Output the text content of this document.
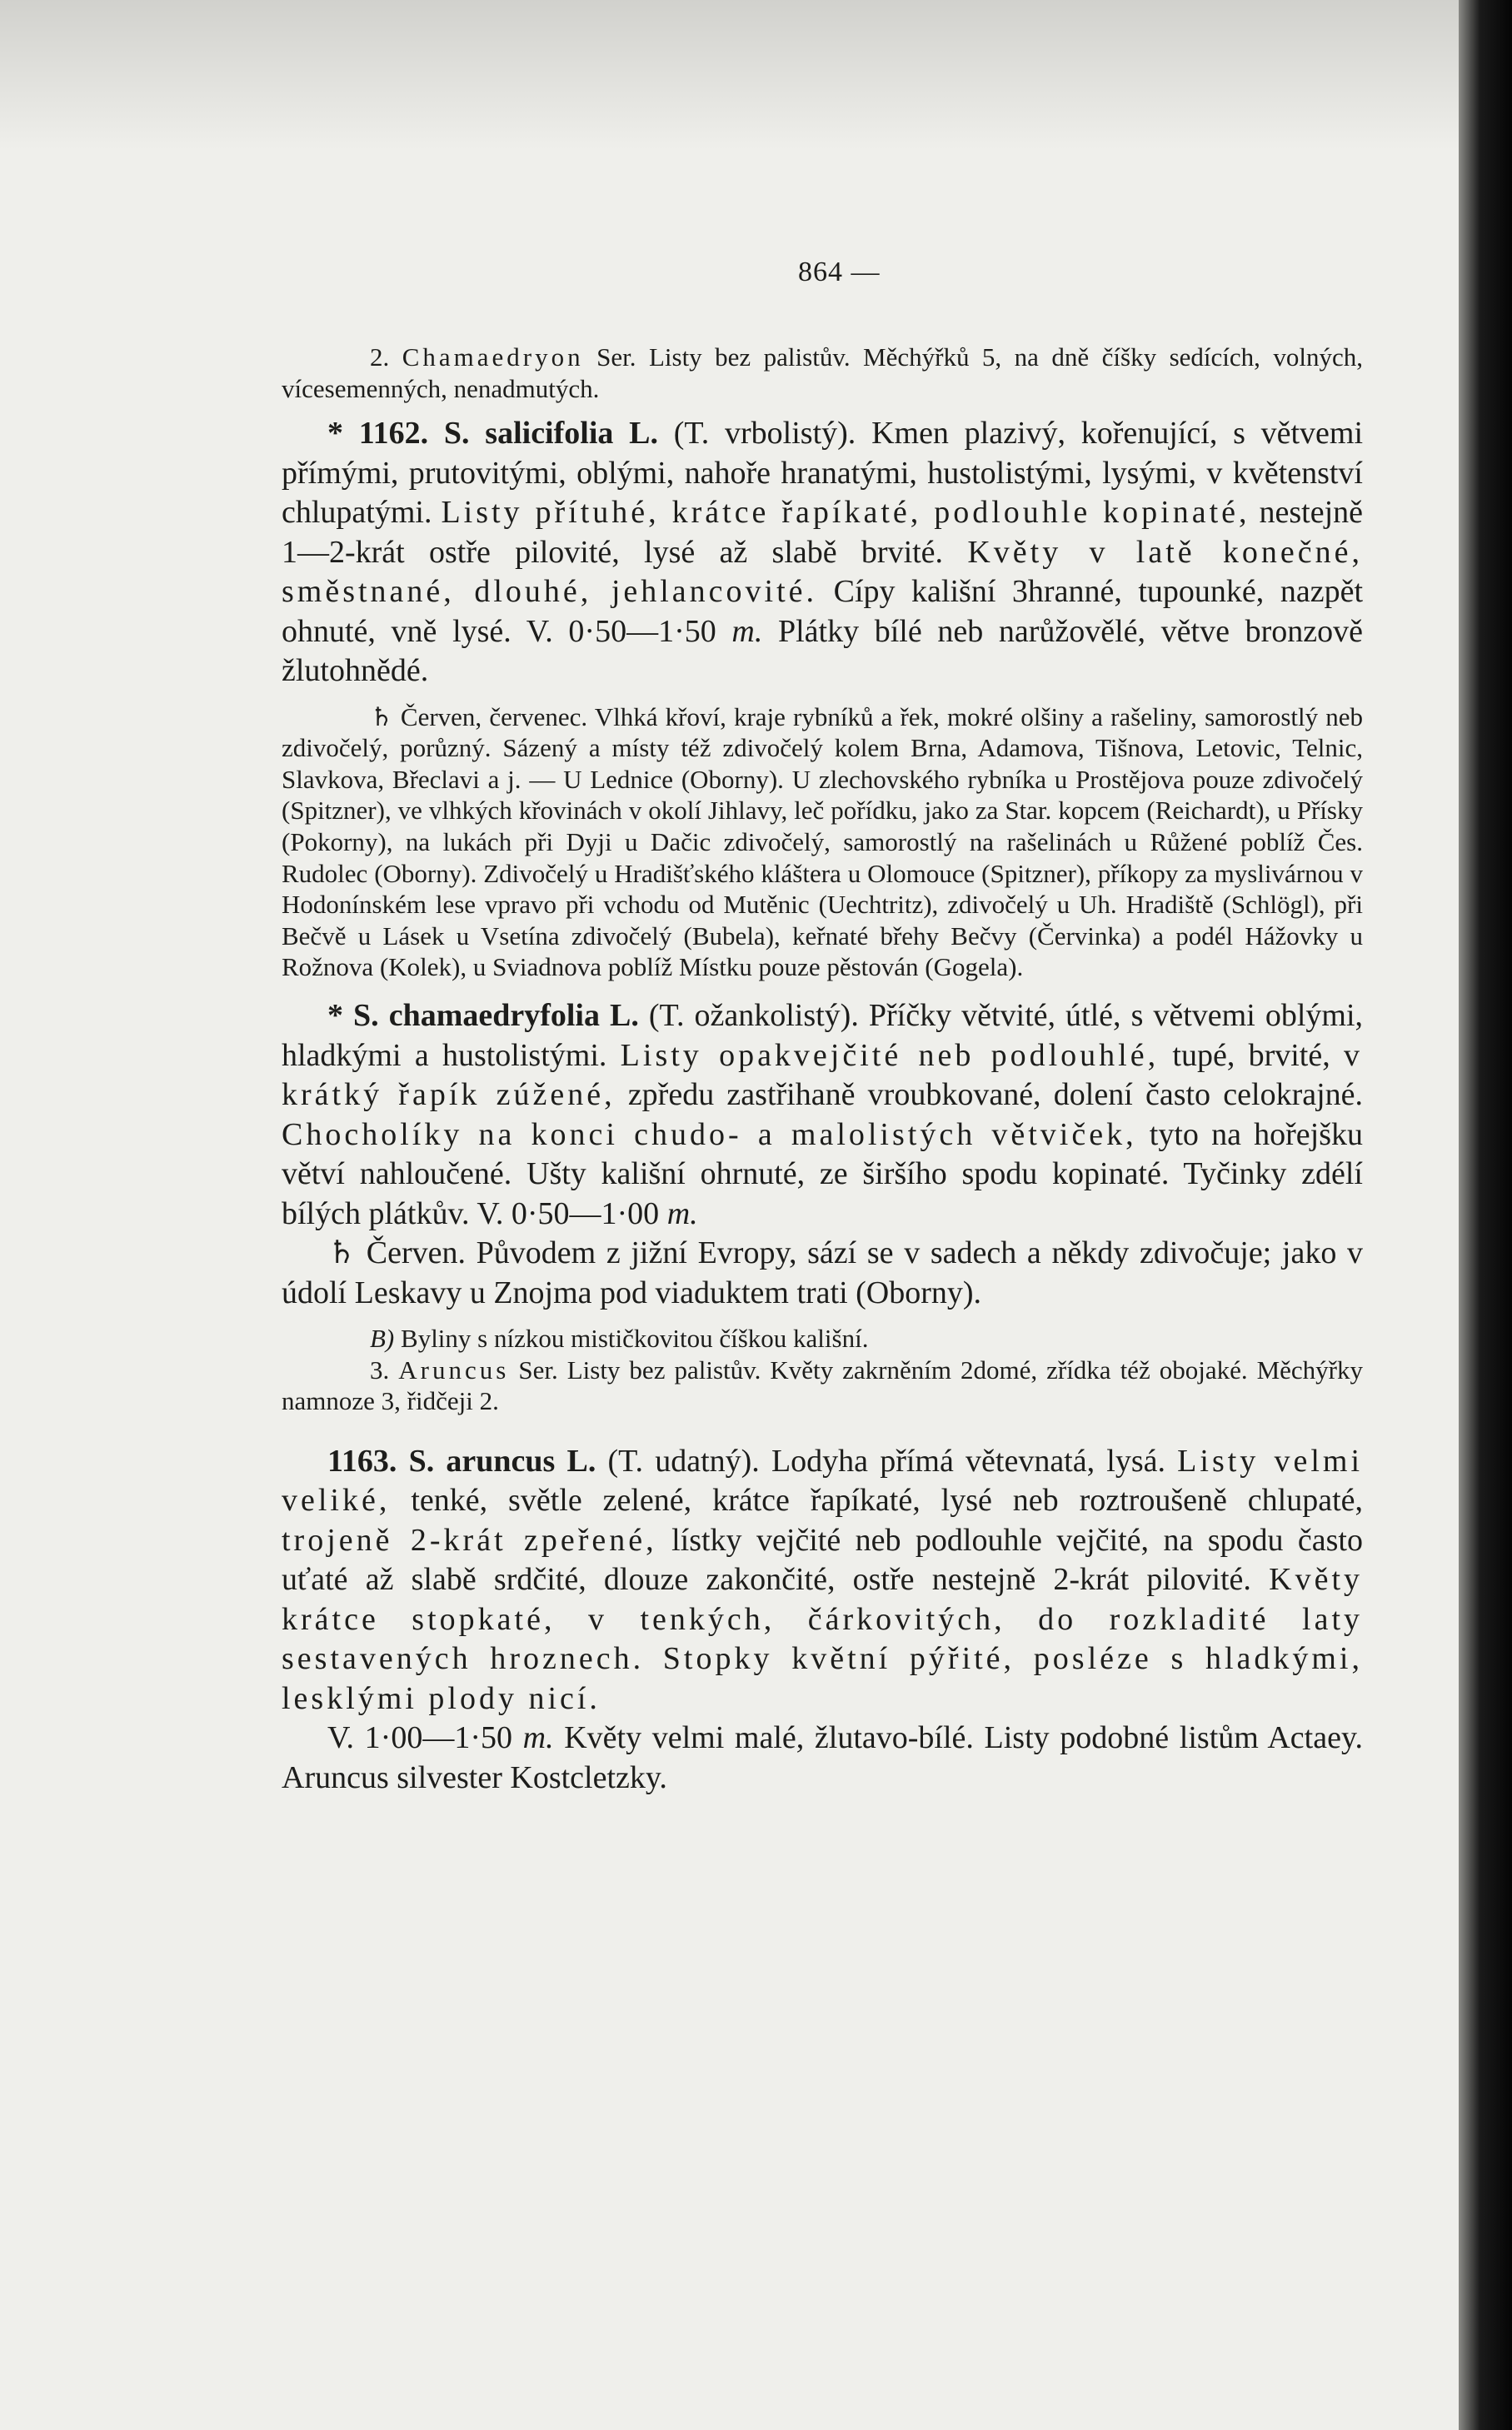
864 —

2. Chamaedryon Ser. Listy bez palistův. Měchýřků 5, na dně číšky sedících, volných, vícesemenných, nenadmutých.

* 1162. S. salicifolia L. (T. vrbolistý). Kmen plazivý, kořenující, s větvemi přímými, prutovitými, oblými, nahoře hranatými, hustolistými, lysými, v květenství chlupatými. Listy přítuhé, krátce řapíkaté, podlouhle kopinaté, nestejně 1—2-krát ostře pilovité, lysé až slabě brvité. Květy v latě konečné, směstnané, dlouhé, jehlancovité. Cípy kališní 3hranné, tupounké, nazpět ohnuté, vně lysé. V. 0·50—1·50 m. Plátky bílé neb narůžovělé, větve bronzově žlutohnědé.

♄ Červen, červenec. Vlhká křoví, kraje rybníků a řek, mokré olšiny a rašeliny, samorostlý neb zdivočelý, porůzný. Sázený a místy též zdivočelý kolem Brna, Adamova, Tišnova, Letovic, Telnic, Slavkova, Břeclavi a j. — U Lednice (Oborny). U zlechovského rybníka u Prostějova pouze zdivočelý (Spitzner), ve vlhkých křovinách v okolí Jihlavy, leč pořídku, jako za Star. kopcem (Reichardt), u Přísky (Pokorny), na lukách při Dyji u Dačic zdivočelý, samorostlý na rašelinách u Růžené poblíž Čes. Rudolec (Oborny). Zdivočelý u Hradišťského kláštera u Olomouce (Spitzner), příkopy za myslivárnou v Hodonínském lese vpravo při vchodu od Mutěnic (Uechtritz), zdivočelý u Uh. Hradiště (Schlögl), při Bečvě u Lásek u Vsetína zdivočelý (Bubela), keřnaté břehy Bečvy (Červinka) a podél Hážovky u Rožnova (Kolek), u Sviadnova poblíž Místku pouze pěstován (Gogela).

* S. chamaedryfolia L. (T. ožankolistý). Příčky větvité, útlé, s větvemi oblými, hladkými a hustolistými. Listy opakvejčité neb podlouhlé, tupé, brvité, v krátký řapík zúžené, zpředu zastřihaně vroubkované, dolení často celokrajné. Chocholíky na konci chudo- a malolistých větviček, tyto na hořejšku větví nahloučené. Ušty kališní ohrnuté, ze širšího spodu kopinaté. Tyčinky zdélí bílých plátkův. V. 0·50—1·00 m.

♄ Červen. Původem z jižní Evropy, sází se v sadech a někdy zdivočuje; jako v údolí Leskavy u Znojma pod viaduktem trati (Oborny).

B) Byliny s nízkou mističkovitou číškou kališní.

3. Aruncus Ser. Listy bez palistův. Květy zakrněním 2domé, zřídka též obojaké. Měchýřky namnoze 3, řidčeji 2.

1163. S. aruncus L. (T. udatný). Lodyha přímá větevnatá, lysá. Listy velmi veliké, tenké, světle zelené, krátce řapíkaté, lysé neb roztroušeně chlupaté, trojeně 2-krát zpeřené, lístky vejčité neb podlouhle vejčité, na spodu často uťaté až slabě srdčité, dlouze zakončité, ostře nestejně 2-krát pilovité. Květy krátce stopkaté, v tenkých, čárkovitých, do rozkladité laty sestavených hroznech. Stopky květní pýřité, posléze s hladkými, lesklými plody nicí.

V. 1·00—1·50 m. Květy velmi malé, žlutavo-bílé. Listy podobné listům Actaey. Aruncus silvester Kostcletzky.
